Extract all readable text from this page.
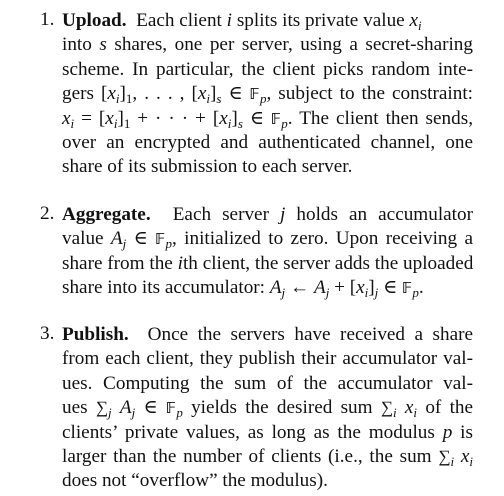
1. Upload.  Each client i splits its private value $x_i$
into s shares, one per server, using a secret-sharing
scheme. In particular, the client picks random inte-
gers $[x_i]_1$, . . . , $[x_i]_s$ ∈ 𝔽$_p$, subject to the constraint:
$x_i = [x_i]_1$ + · · · + $[x_i]_s$ ∈ 𝔽$_p$. The client then sends,
over an encrypted and authenticated channel, one
share of its submission to each server.
2. Aggregate.  Each server j holds an accumulator
value $A_j$ ∈ 𝔽$_p$, initialized to zero. Upon receiving a
share from the ith client, the server adds the uploaded
share into its accumulator: $A_j$ ← $A_j + [x_i]_j$ ∈ 𝔽$_p$.
3. Publish.  Once the servers have received a share
from each client, they publish their accumulator val-
ues. Computing the sum of the accumulator val-
ues $\sum_j$ $A_j$ ∈ 𝔽$_p$ yields the desired sum $\sum_i$ $x_i$ of the
clients’ private values, as long as the modulus p is
larger than the number of clients (i.e., the sum $\sum_i$ $x_i$
does not “overflow” the modulus).
